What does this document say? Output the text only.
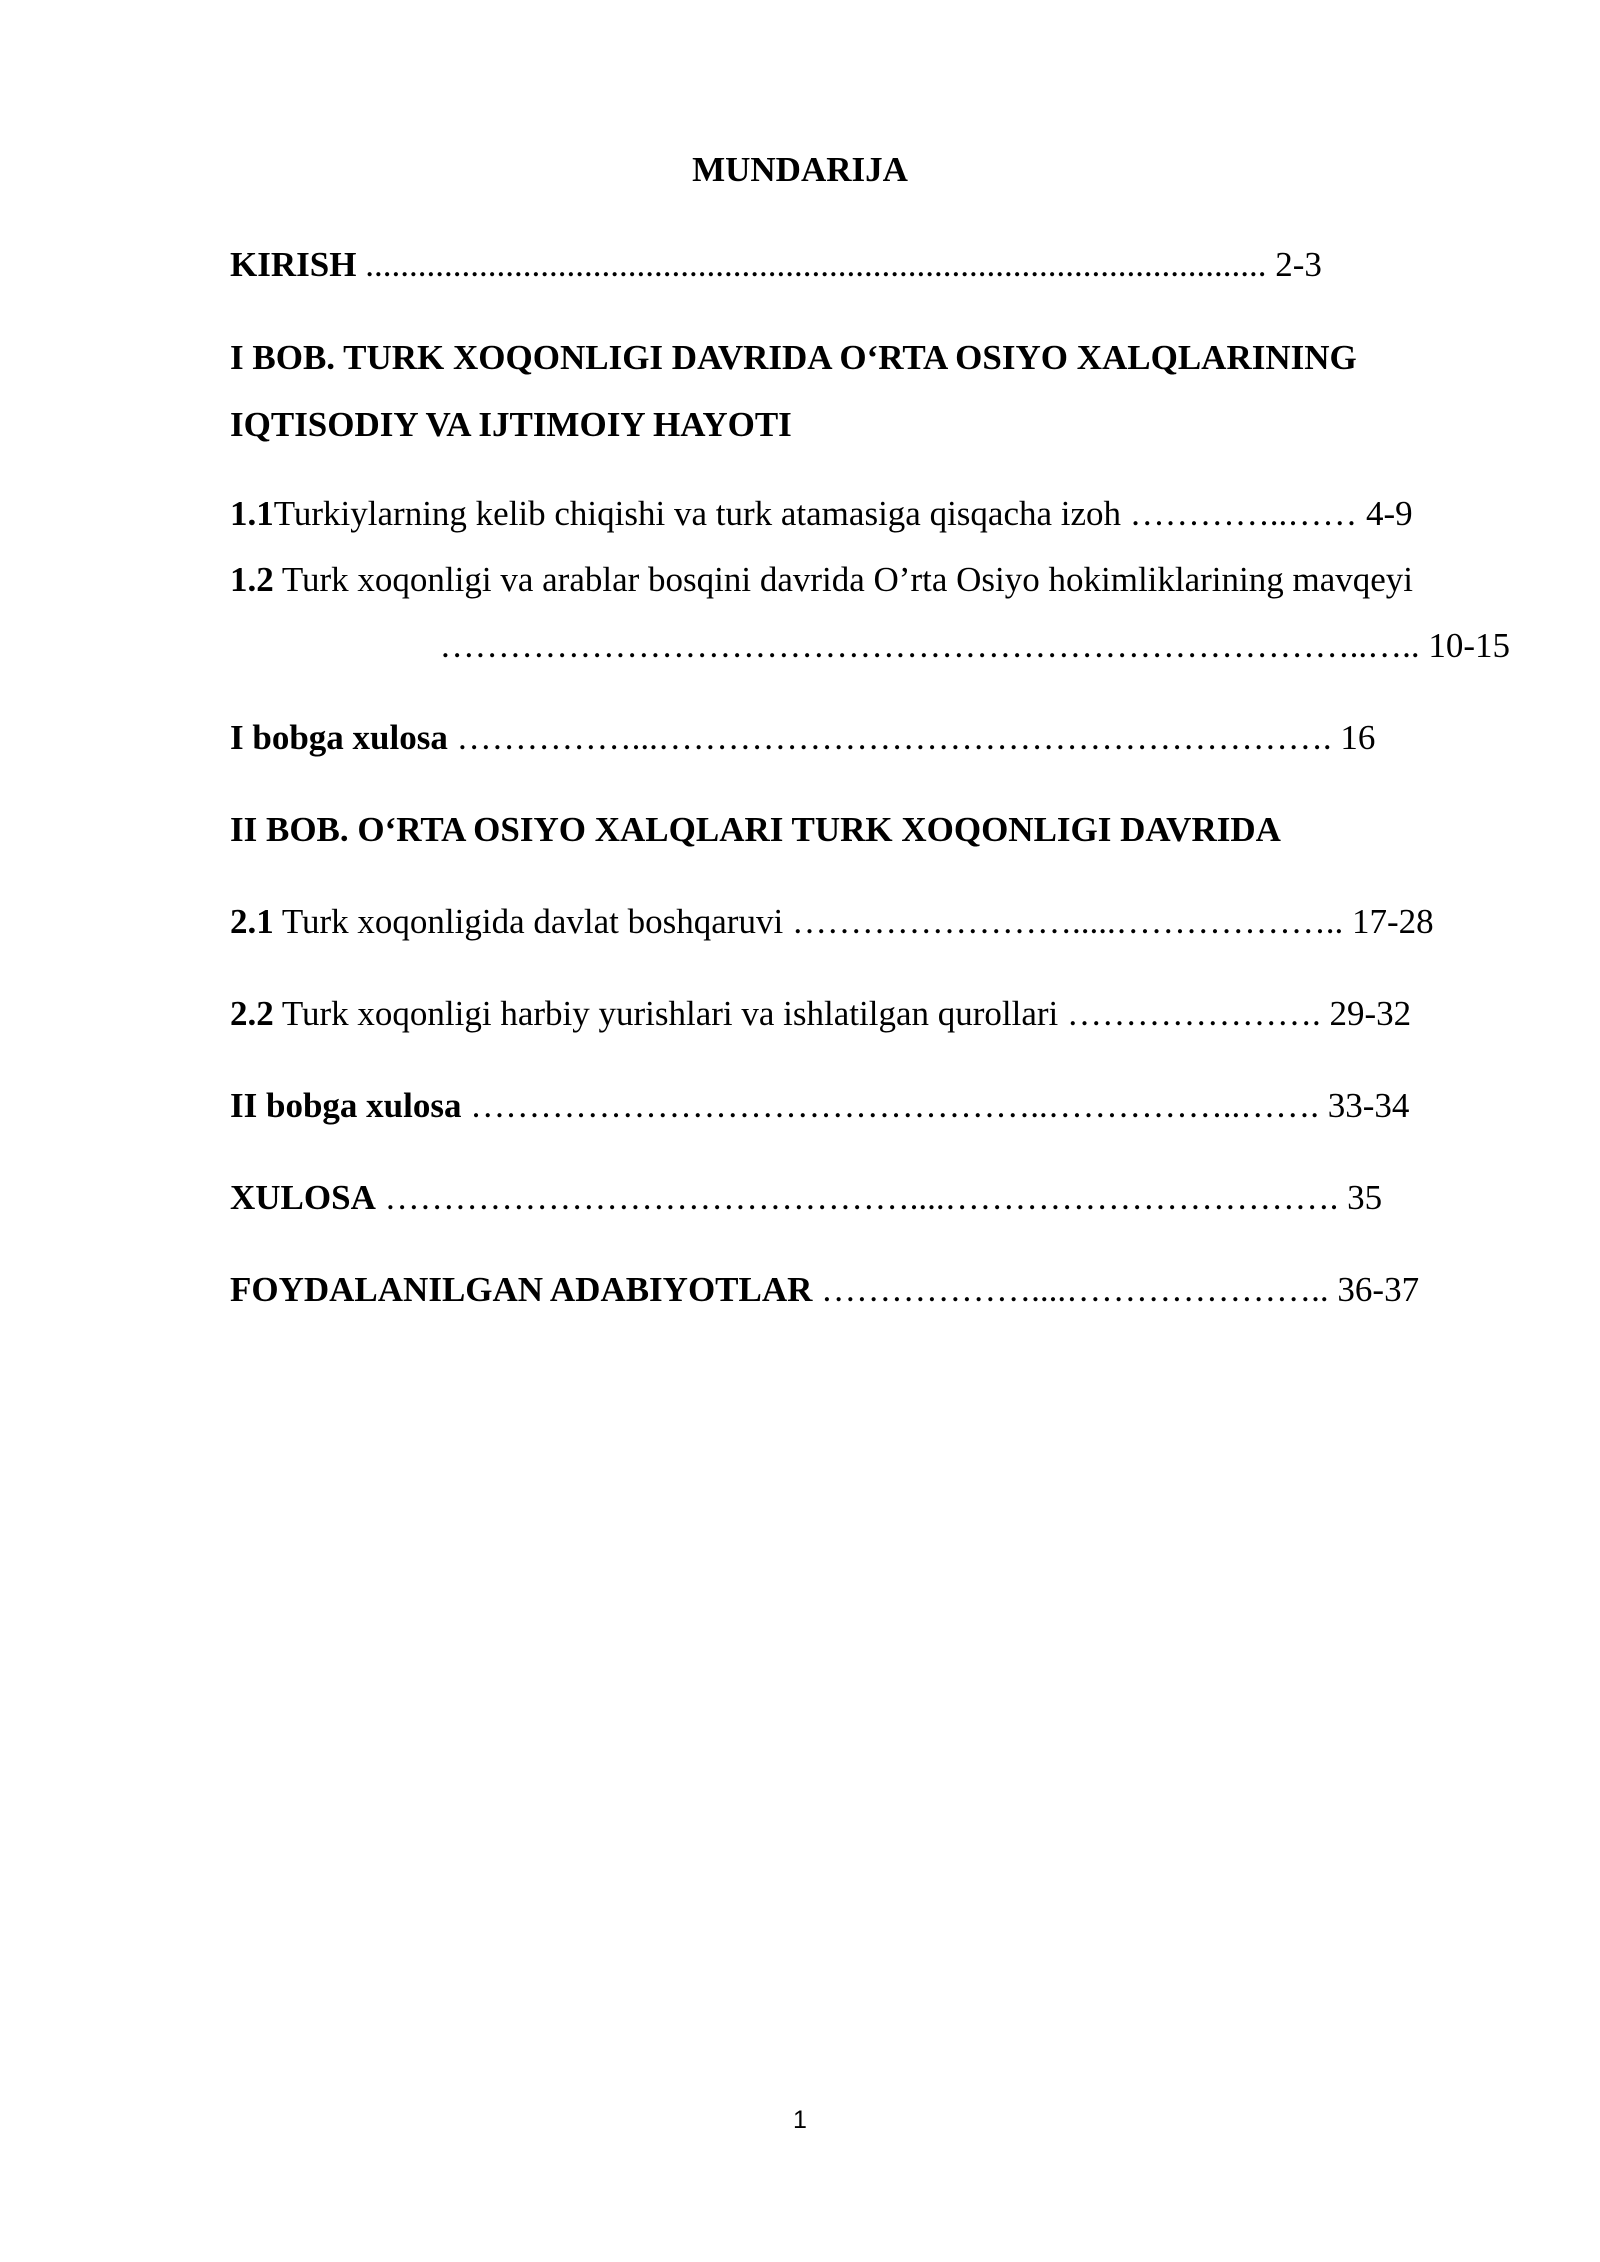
MUNDARIJA
KIRISH ....................................................................................................... 2-3
I BOB. TURK XOQONLIGI DAVRIDA O‘RTA OSIYO XALQLARINING
IQTISODIY VA IJTIMOIY HAYOTI
1.1Turkiylarning kelib chiqishi va turk atamasiga qisqacha izoh …………..…… 4-9
1.2 Turk xoqonligi va arablar bosqini davrida O’rta Osiyo hokimliklarining mavqeyi
……………………………………………………………………..….. 10-15
I bobga xulosa ……………...…………………………………………………. 16
II BOB. O‘RTA OSIYO XALQLARI TURK XOQONLIGI DAVRIDA
2.1 Turk xoqonligida davlat boshqaruvi …………………….....……………….. 17-28
2.2 Turk xoqonligi harbiy yurishlari va ishlatilgan qurollari …………………. 29-32
II bobga xulosa …………………………………………..……………..……. 33-34
XULOSA ………………………………………....……………………………. 35
FOYDALANILGAN ADABIYOTLAR ………………....………………….. 36-37
1
